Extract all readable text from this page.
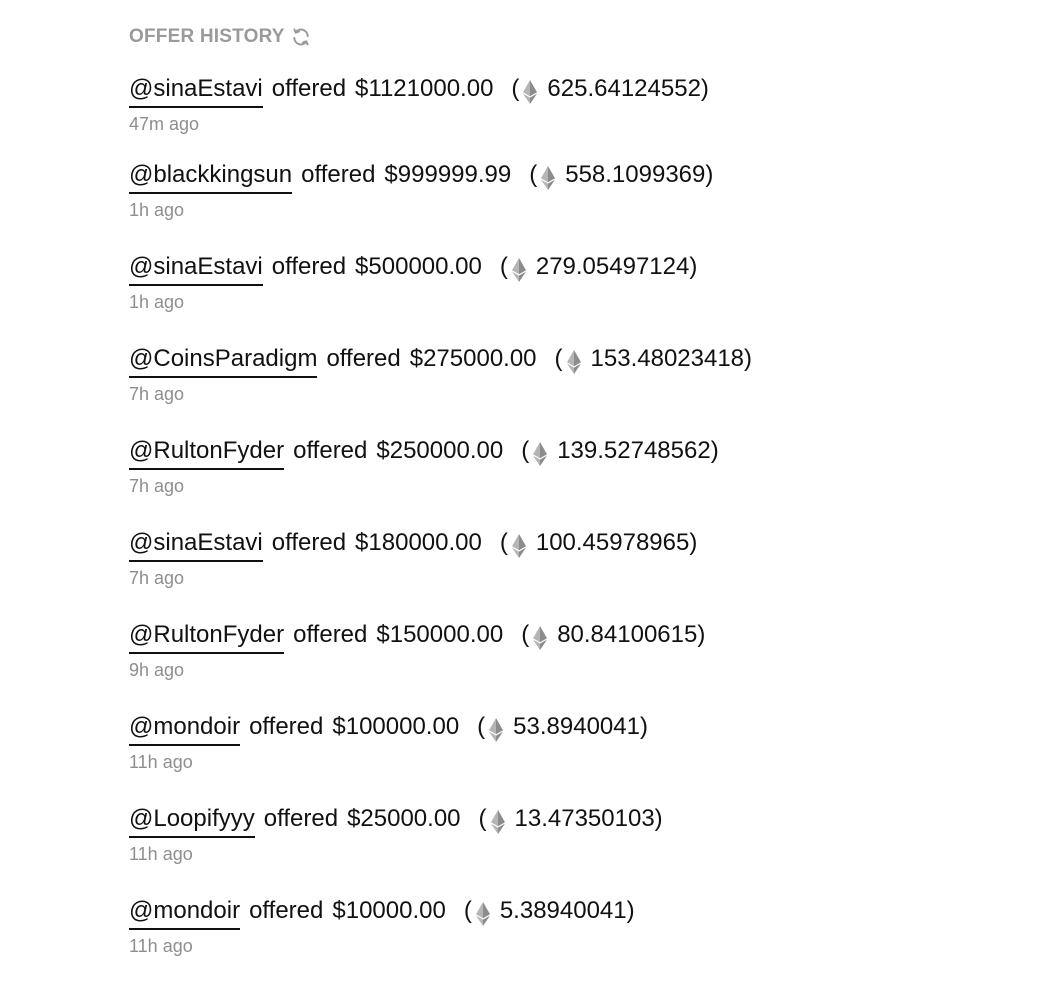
OFFER HISTORY
@sinaEstavi offered $1121000.00 ( 625.64124552 )
47m ago
@blackkingsun offered $999999.99 ( 558.1099369 )
1h ago
@sinaEstavi offered $500000.00 ( 279.05497124 )
1h ago
@CoinsParadigm offered $275000.00 ( 153.48023418 )
7h ago
@RultonFyder offered $250000.00 ( 139.52748562 )
7h ago
@sinaEstavi offered $180000.00 ( 100.45978965 )
7h ago
@RultonFyder offered $150000.00 ( 80.84100615 )
9h ago
@mondoir offered $100000.00 ( 53.8940041 )
11h ago
@Loopifyyy offered $25000.00 ( 13.47350103 )
11h ago
@mondoir offered $10000.00 ( 5.38940041 )
11h ago
